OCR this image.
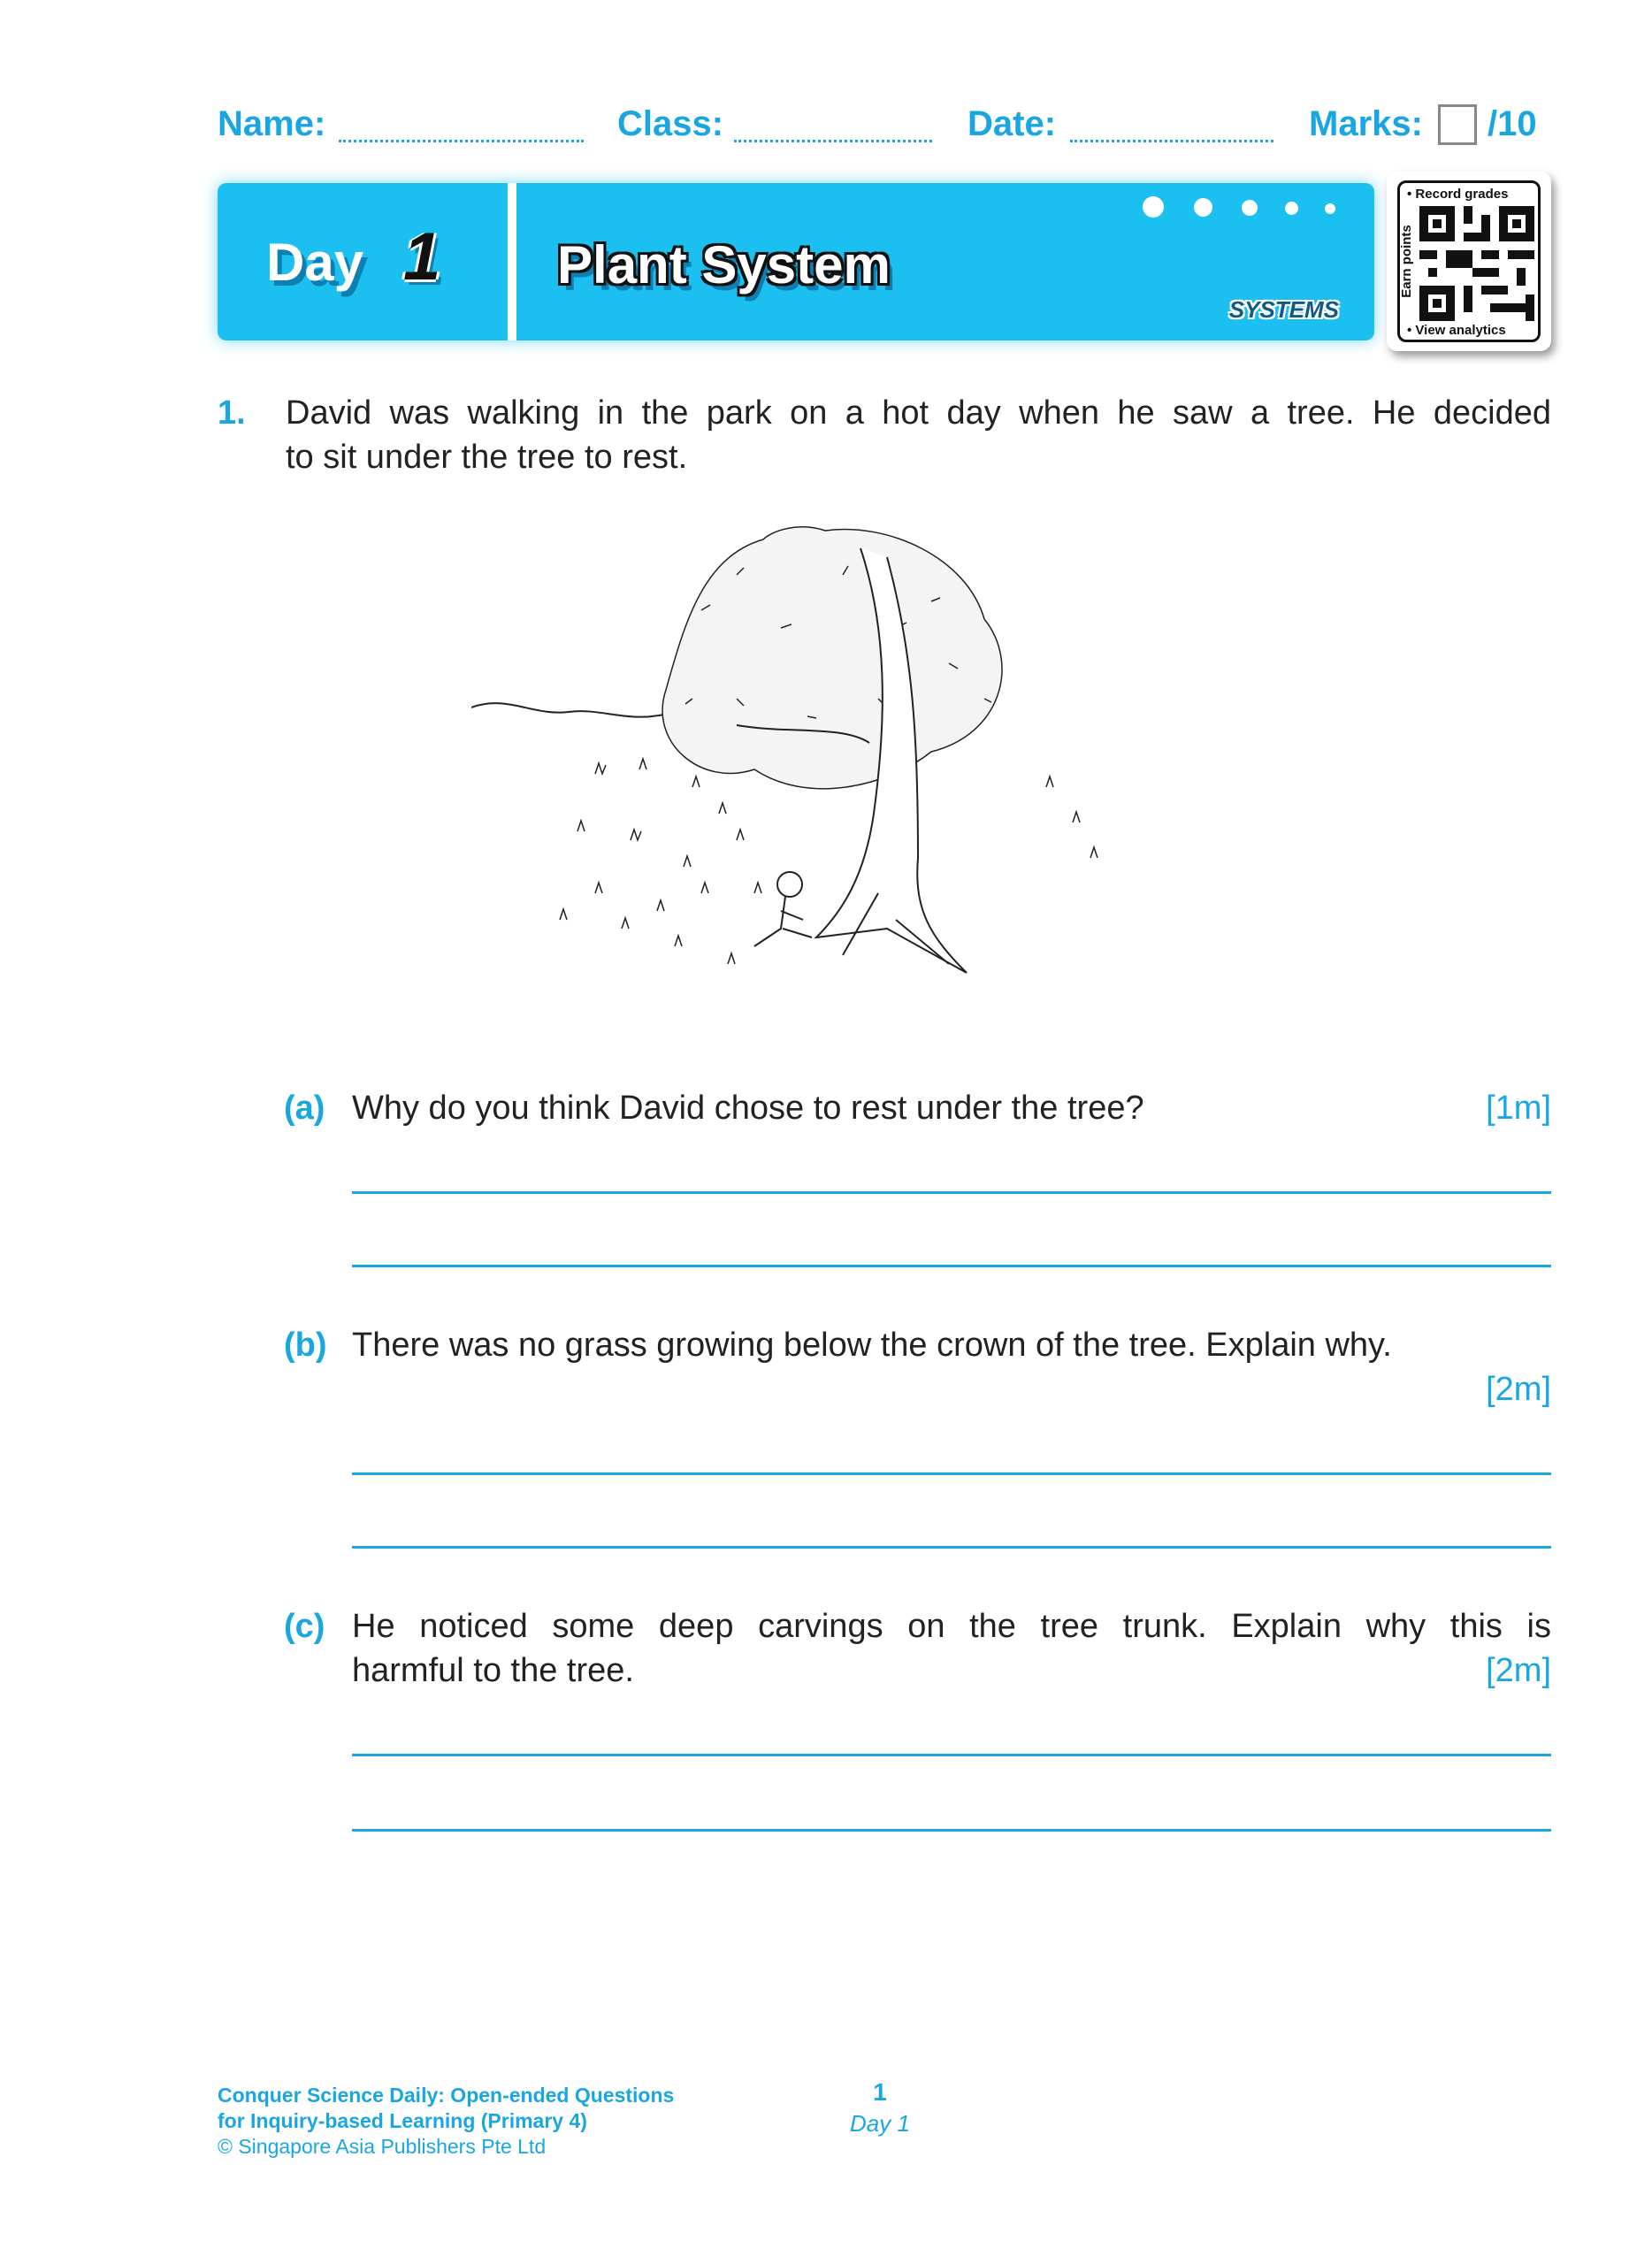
Name:	Class:	Date:	Marks: /10
Day 1 Plant System
SYSTEMS
• Record grades
Earn points
• View analytics
1. David was walking in the park on a hot day when he saw a tree. He decided
to sit under the tree to rest.
(a) Why do you think David chose to rest under the tree?	[1m]
(b) There was no grass growing below the crown of the tree. Explain why.
[2m]
(c) He noticed some deep carvings on the tree trunk. Explain why this is
harmful to the tree.	[2m]
Conquer Science Daily: Open-ended Questions
for Inquiry-based Learning (Primary 4)
© Singapore Asia Publishers Pte Ltd
1
Day 1
